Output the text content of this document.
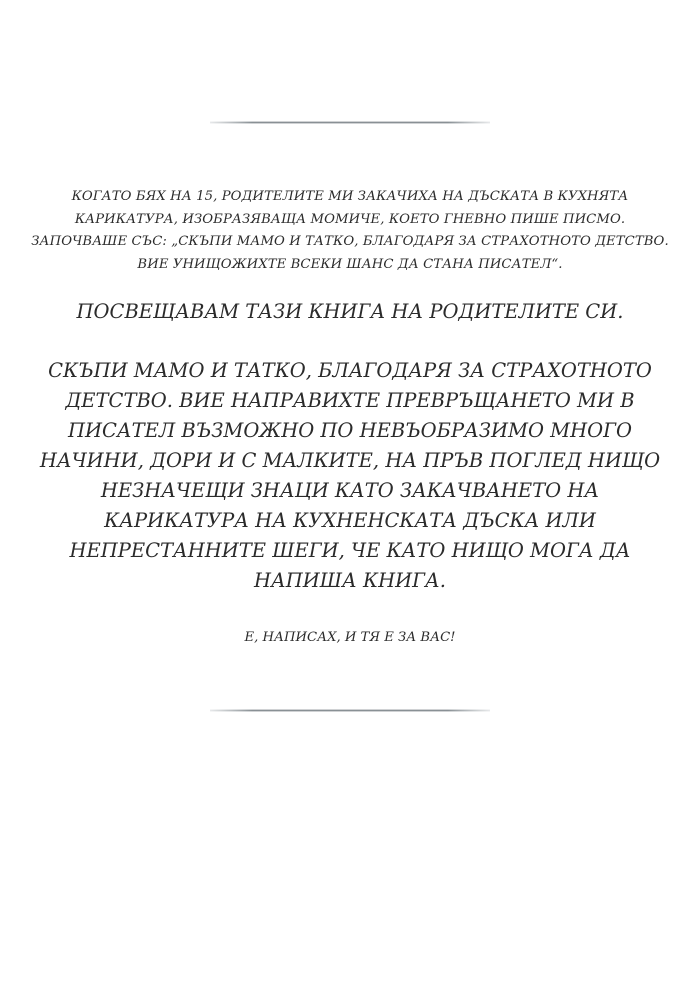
КОГАТО БЯХ НА 15, РОДИТЕЛИТЕ МИ ЗАКАЧИХА НА ДЪСКАТА В КУХНЯТА КАРИКАТУРА, ИЗОБРАЗЯВАЩА МОМИЧЕ, КОЕТО ГНЕВНО ПИШЕ ПИСМО. ЗАПОЧВАШЕ СЪС: „СКЪПИ МАМО И ТАТКО, БЛАГОДАРЯ ЗА СТРАХОТНОТО ДЕТСТВО. ВИЕ УНИЩОЖИХТЕ ВСЕКИ ШАНС ДА СТАНА ПИСАТЕЛ“.

ПОСВЕЩАВАМ ТАЗИ КНИГА НА РОДИТЕЛИТЕ СИ.

СКЪПИ МАМО И ТАТКО, БЛАГОДАРЯ ЗА СТРАХОТНОТО ДЕТСТВО. ВИЕ НАПРАВИХТЕ ПРЕВРЪЩАНЕТО МИ В ПИСАТЕЛ ВЪЗМОЖНО ПО НЕВЪОБРАЗИМО МНОГО НАЧИНИ, ДОРИ И С МАЛКИТЕ, НА ПРЪВ ПОГЛЕД НИЩО НЕЗНАЧЕЩИ ЗНАЦИ КАТО ЗАКАЧВАНЕТО НА КАРИКАТУРА НА КУХНЕНСКАТА ДЪСКА ИЛИ НЕПРЕСТАННИТЕ ШЕГИ, ЧЕ КАТО НИЩО МОГА ДА НАПИША КНИГА.

Е, НАПИСАХ, И ТЯ Е ЗА ВАС!
